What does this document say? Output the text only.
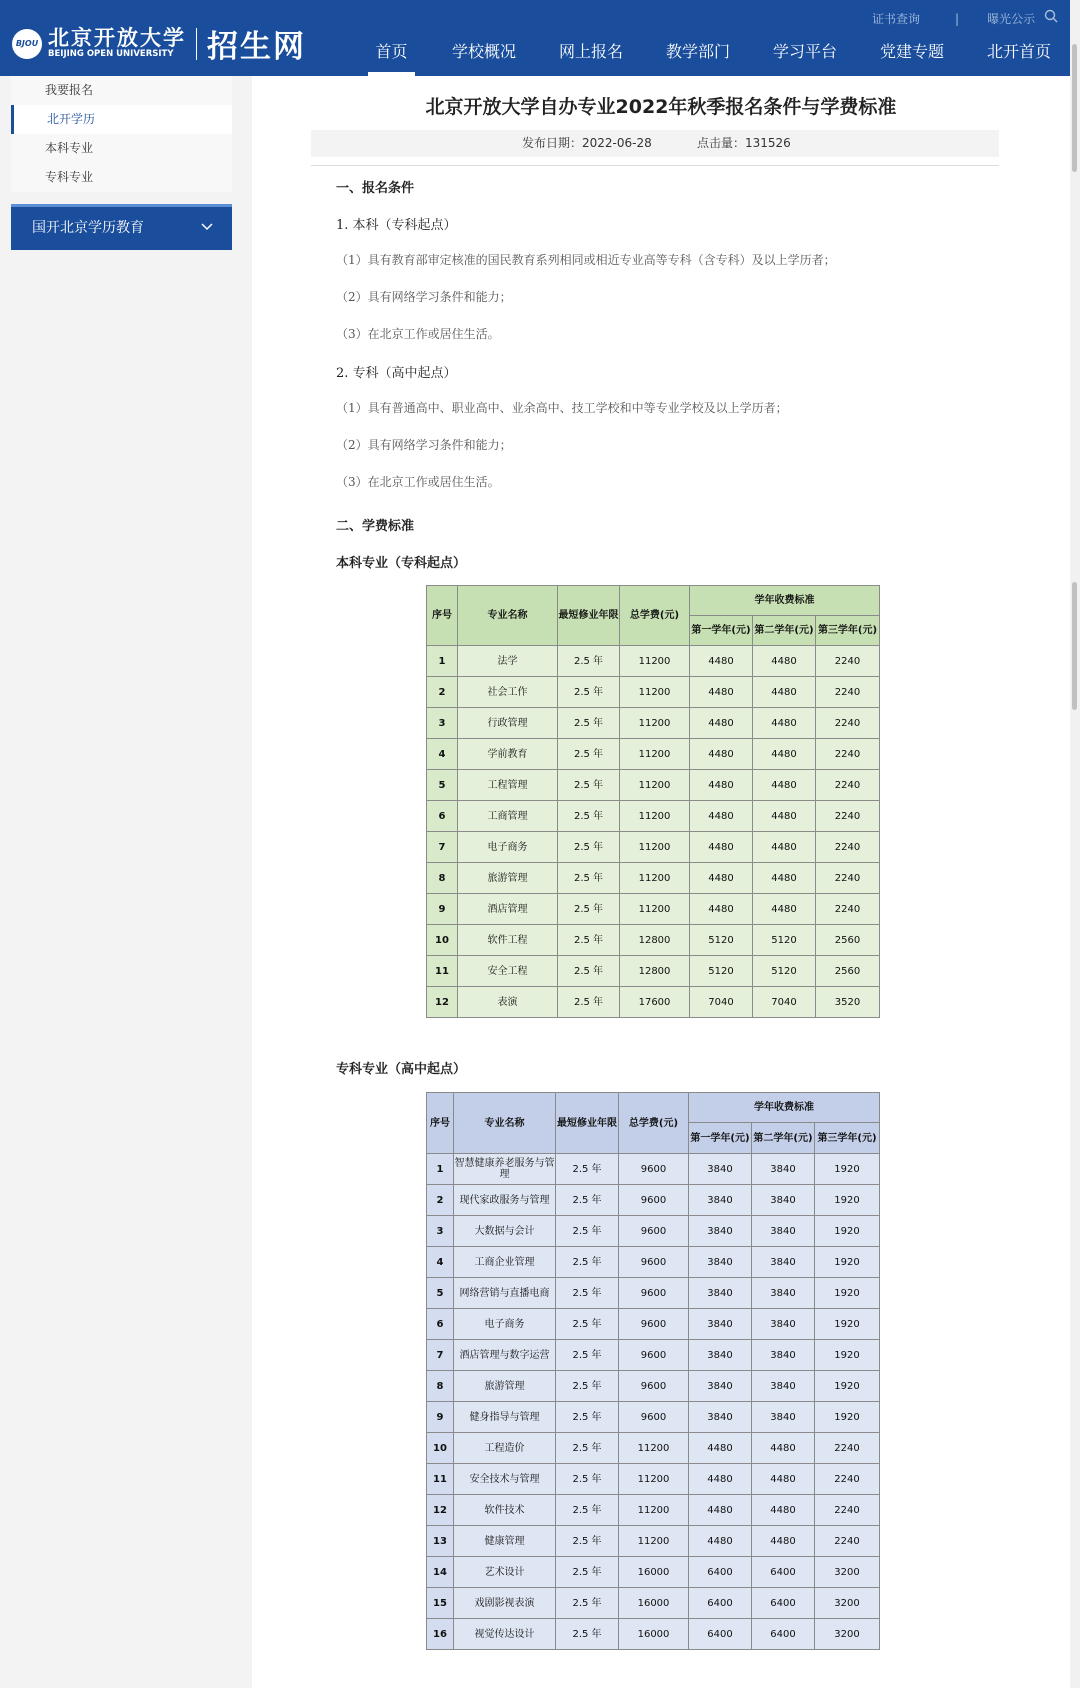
BJOU 北京开放大学
BEIJING OPEN UNIVERSITY	招生网
证书查询	| 曝光公示
首页	学校概况	网上报名	教学部门	学习平台	党建专题	北开首页
我要报名
北开学历
本科专业
专科专业
国开北京学历教育
北京开放大学自办专业2022年秋季报名条件与学费标准
发布日期：2022-06-28	点击量：131526
一、报名条件
1. 本科（专科起点）
（1）具有教育部审定核准的国民教育系列相同或相近专业高等专科（含专科）及以上学历者；
（2）具有网络学习条件和能力；
（3）在北京工作或居住生活。
2. 专科（高中起点）
（1）具有普通高中、职业高中、业余高中、技工学校和中等专业学校及以上学历者；
（2）具有网络学习条件和能力；
（3）在北京工作或居住生活。
二、学费标准
本科专业（专科起点）
序号	专业名称	最短修业年限	总学费(元)	学年收费标准		
				第一学年(元)	第二学年(元)	第三学年(元)
1	法学	2.5 年	11200	4480	4480	2240
2	社会工作	2.5 年	11200	4480	4480	2240
3	行政管理	2.5 年	11200	4480	4480	2240
4	学前教育	2.5 年	11200	4480	4480	2240
5	工程管理	2.5 年	11200	4480	4480	2240
6	工商管理	2.5 年	11200	4480	4480	2240
7	电子商务	2.5 年	11200	4480	4480	2240
8	旅游管理	2.5 年	11200	4480	4480	2240
9	酒店管理	2.5 年	11200	4480	4480	2240
10	软件工程	2.5 年	12800	5120	5120	2560
11	安全工程	2.5 年	12800	5120	5120	2560
12	表演	2.5 年	17600	7040	7040	3520
专科专业（高中起点）
序号	专业名称	最短修业年限	总学费(元)	学年收费标准		
				第一学年(元)	第二学年(元)	第三学年(元)
1	智慧健康养老服务与管理	2.5 年	9600	3840	3840	1920
2	现代家政服务与管理	2.5 年	9600	3840	3840	1920
3	大数据与会计	2.5 年	9600	3840	3840	1920
4	工商企业管理	2.5 年	9600	3840	3840	1920
5	网络营销与直播电商	2.5 年	9600	3840	3840	1920
6	电子商务	2.5 年	9600	3840	3840	1920
7	酒店管理与数字运营	2.5 年	9600	3840	3840	1920
8	旅游管理	2.5 年	9600	3840	3840	1920
9	健身指导与管理	2.5 年	9600	3840	3840	1920
10	工程造价	2.5 年	11200	4480	4480	2240
11	安全技术与管理	2.5 年	11200	4480	4480	2240
12	软件技术	2.5 年	11200	4480	4480	2240
13	健康管理	2.5 年	11200	4480	4480	2240
14	艺术设计	2.5 年	16000	6400	6400	3200
15	戏剧影视表演	2.5 年	16000	6400	6400	3200
16	视觉传达设计	2.5 年	16000	6400	6400	3200
